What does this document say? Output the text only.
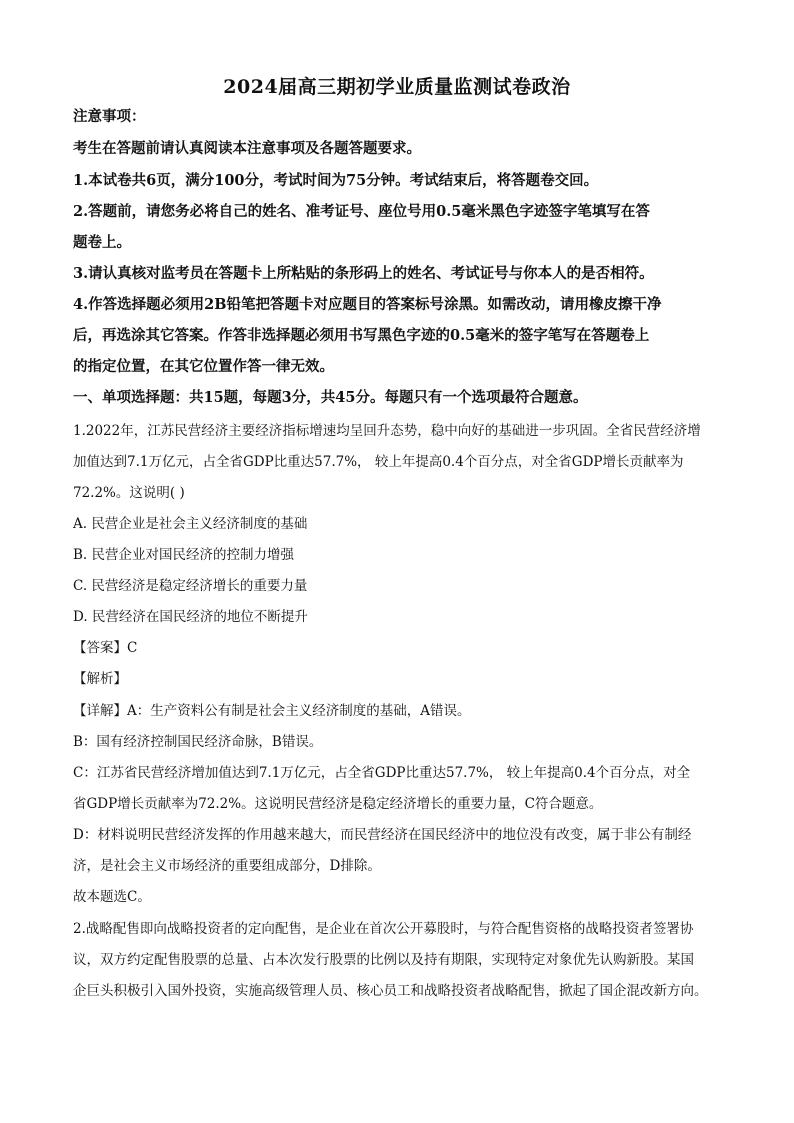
2024届高三期初学业质量监测试卷政治
注意事项：
考生在答题前请认真阅读本注意事项及各题答题要求。
1.本试卷共6页，满分100分，考试时间为75分钟。考试结束后，将答题卷交回。
2.答题前，请您务必将自己的姓名、准考证号、座位号用0.5毫米黑色字迹签字笔填写在答
题卷上。
3.请认真核对监考员在答题卡上所粘贴的条形码上的姓名、考试证号与你本人的是否相符。
4.作答选择题必须用2B铅笔把答题卡对应题目的答案标号涂黑。如需改动，请用橡皮擦干净
后，再选涂其它答案。作答非选择题必须用书写黑色字迹的0.5毫米的签字笔写在答题卷上
的指定位置，在其它位置作答一律无效。
一、单项选择题：共15题，每题3分，共45分。每题只有一个选项最符合题意。
1.2022年，江苏民营经济主要经济指标增速均呈回升态势，稳中向好的基础进一步巩固。全省民营经济增
加值达到7.1万亿元，占全省GDP比重达57.7%， 较上年提高0.4个百分点，对全省GDP增长贡献率为
72.2%。这说明( )
A. 民营企业是社会主义经济制度的基础
B. 民营企业对国民经济的控制力增强
C. 民营经济是稳定经济增长的重要力量
D. 民营经济在国民经济的地位不断提升
【答案】C
【解析】
【详解】A：生产资料公有制是社会主义经济制度的基础，A错误。
B：国有经济控制国民经济命脉，B错误。
C：江苏省民营经济增加值达到7.1万亿元，占全省GDP比重达57.7%， 较上年提高0.4个百分点，对全
省GDP增长贡献率为72.2%。这说明民营经济是稳定经济增长的重要力量，C符合题意。
D：材料说明民营经济发挥的作用越来越大，而民营经济在国民经济中的地位没有改变，属于非公有制经
济，是社会主义市场经济的重要组成部分，D排除。
故本题选C。
2.战略配售即向战略投资者的定向配售，是企业在首次公开募股时，与符合配售资格的战略投资者签署协
议，双方约定配售股票的总量、占本次发行股票的比例以及持有期限，实现特定对象优先认购新股。某国
企巨头积极引入国外投资，实施高级管理人员、核心员工和战略投资者战略配售，掀起了国企混改新方向。
